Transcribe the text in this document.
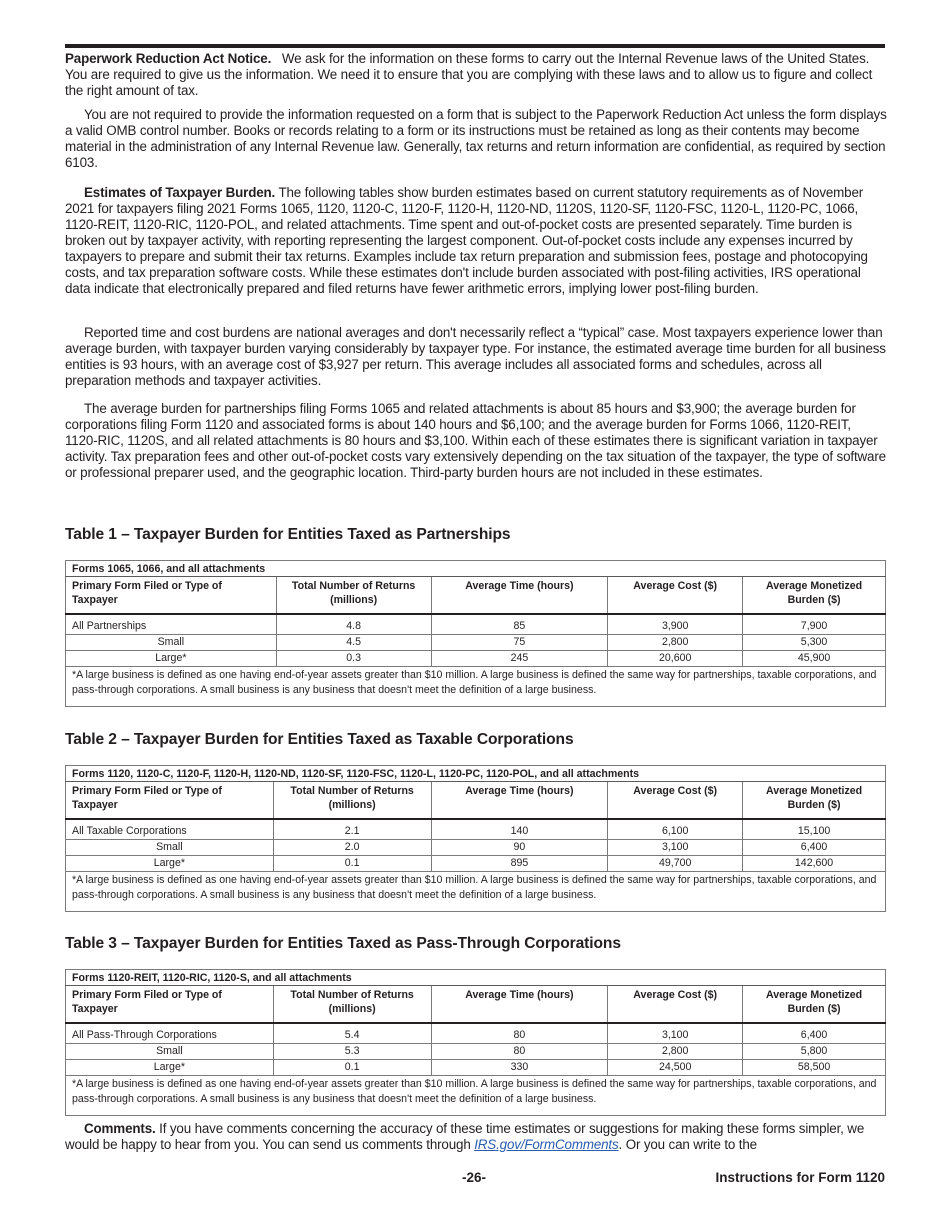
Paperwork Reduction Act Notice.   We ask for the information on these forms to carry out the Internal Revenue laws of the United States. You are required to give us the information. We need it to ensure that you are complying with these laws and to allow us to figure and collect the right amount of tax.

You are not required to provide the information requested on a form that is subject to the Paperwork Reduction Act unless the form displays a valid OMB control number. Books or records relating to a form or its instructions must be retained as long as their contents may become material in the administration of any Internal Revenue law. Generally, tax returns and return information are confidential, as required by section 6103.

Estimates of Taxpayer Burden. The following tables show burden estimates based on current statutory requirements as of November 2021 for taxpayers filing 2021 Forms 1065, 1120, 1120-C, 1120-F, 1120-H, 1120-ND, 1120S, 1120-SF, 1120-FSC, 1120-L, 1120-PC, 1066, 1120-REIT, 1120-RIC, 1120-POL, and related attachments. Time spent and out-of-pocket costs are presented separately. Time burden is broken out by taxpayer activity, with reporting representing the largest component. Out-of-pocket costs include any expenses incurred by taxpayers to prepare and submit their tax returns. Examples include tax return preparation and submission fees, postage and photocopying costs, and tax preparation software costs. While these estimates don't include burden associated with post-filing activities, IRS operational data indicate that electronically prepared and filed returns have fewer arithmetic errors, implying lower post-filing burden.

Reported time and cost burdens are national averages and don't necessarily reflect a “typical” case. Most taxpayers experience lower than average burden, with taxpayer burden varying considerably by taxpayer type. For instance, the estimated average time burden for all business entities is 93 hours, with an average cost of $3,927 per return. This average includes all associated forms and schedules, across all preparation methods and taxpayer activities.

The average burden for partnerships filing Forms 1065 and related attachments is about 85 hours and $3,900; the average burden for corporations filing Form 1120 and associated forms is about 140 hours and $6,100; and the average burden for Forms 1066, 1120-REIT, 1120-RIC, 1120S, and all related attachments is 80 hours and $3,100. Within each of these estimates there is significant variation in taxpayer activity. Tax preparation fees and other out-of-pocket costs vary extensively depending on the tax situation of the taxpayer, the type of software or professional preparer used, and the geographic location. Third-party burden hours are not included in these estimates.

Table 1 – Taxpayer Burden for Entities Taxed as Partnerships
Forms 1065, 1066, and all attachments				
Primary Form Filed or Type of Taxpayer	Total Number of Returns (millions)	Average Time (hours)	Average Cost ($)	Average Monetized Burden ($)
All Partnerships	4.8	85	3,900	7,900
Small	4.5	75	2,800	5,300
Large*	0.3	245	20,600	45,900
*A large business is defined as one having end-of-year assets greater than $10 million. A large business is defined the same way for partnerships, taxable corporations, and pass-through corporations. A small business is any business that doesn't meet the definition of a large business.				
Table 2 – Taxpayer Burden for Entities Taxed as Taxable Corporations
Forms 1120, 1120-C, 1120-F, 1120-H, 1120-ND, 1120-SF, 1120-FSC, 1120-L, 1120-PC, 1120-POL, and all attachments				
Primary Form Filed or Type of Taxpayer	Total Number of Returns (millions)	Average Time (hours)	Average Cost ($)	Average Monetized Burden ($)
All Taxable Corporations	2.1	140	6,100	15,100
Small	2.0	90	3,100	6,400
Large*	0.1	895	49,700	142,600
*A large business is defined as one having end-of-year assets greater than $10 million. A large business is defined the same way for partnerships, taxable corporations, and pass-through corporations. A small business is any business that doesn't meet the definition of a large business.				
Table 3 – Taxpayer Burden for Entities Taxed as Pass-Through Corporations
Forms 1120-REIT, 1120-RIC, 1120-S, and all attachments				
Primary Form Filed or Type of Taxpayer	Total Number of Returns (millions)	Average Time (hours)	Average Cost ($)	Average Monetized Burden ($)
All Pass-Through Corporations	5.4	80	3,100	6,400
Small	5.3	80	2,800	5,800
Large*	0.1	330	24,500	58,500
*A large business is defined as one having end-of-year assets greater than $10 million. A large business is defined the same way for partnerships, taxable corporations, and pass-through corporations. A small business is any business that doesn't meet the definition of a large business.				

Comments. If you have comments concerning the accuracy of these time estimates or suggestions for making these forms simpler, we would be happy to hear from you. You can send us comments through IRS.gov/FormComments. Or you can write to the

-26-	Instructions for Form 1120
